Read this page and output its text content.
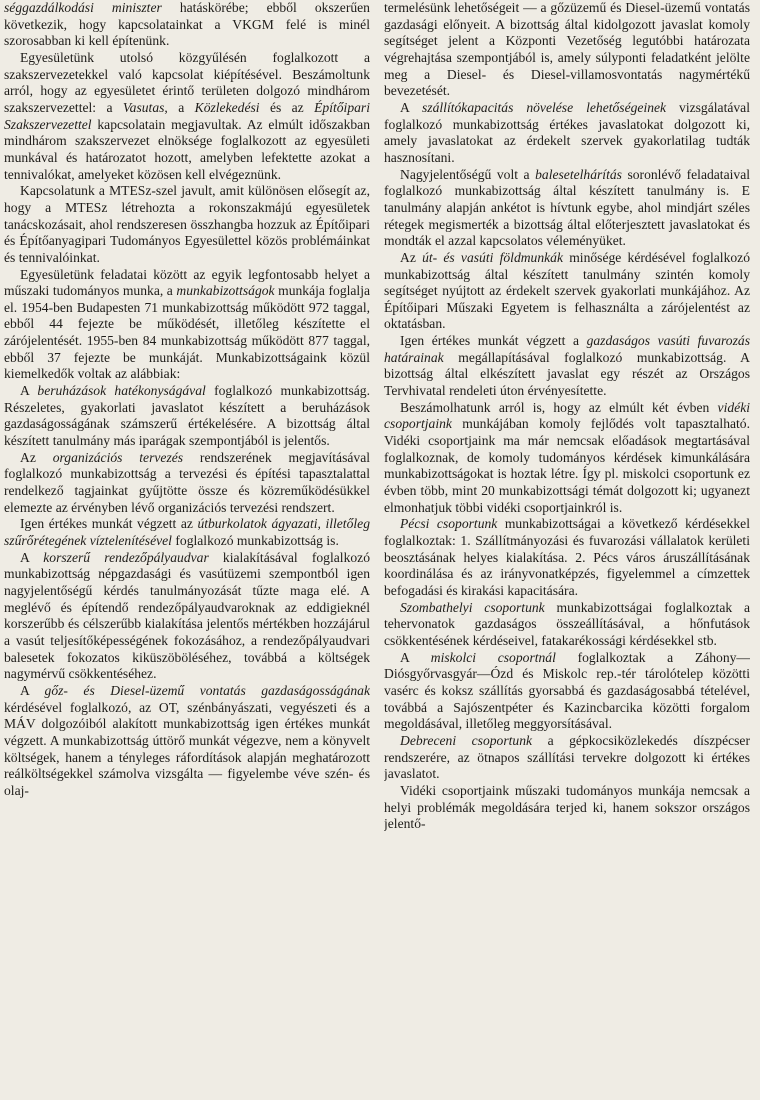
séggazdálkodási miniszter hatáskörébe; ebből okszerűen következik, hogy kapcsolatainkat a VKGM felé is minél szorosabban ki kell építenünk.

Egyesületünk utolsó közgyűlésén foglalkozott a szakszervezetekkel való kapcsolat kiépítésével. Beszámoltunk arról, hogy az egyesületet érintő területen dolgozó mindhárom szakszervezettel: a Vasutas, a Közlekedési és az Építőipari Szakszervezettel kapcsolatain megjavultak. Az elmúlt időszakban mindhárom szakszervezet elnöksége foglalkozott az egyesületi munkával és határozatot hozott, amelyben lefektette azokat a tennivalókat, amelyeket közösen kell elvégeznünk.

Kapcsolatunk a MTESz-szel javult, amit különösen elősegít az, hogy a MTESz létrehozta a rokonszakmájú egyesületek tanácskozásait, ahol rendszeresen összhangba hozzuk az Építőipari és Építőanyagipari Tudományos Egyesülettel közös problémáinkat és tennivalóinkat.

Egyesületünk feladatai között az egyik legfontosabb helyet a műszaki tudományos munka, a munkabizottságok munkája foglalja el. 1954-ben Budapesten 71 munkabizottság működött 972 taggal, ebből 44 fejezte be működését, illetőleg készítette el zárójelentését. 1955-ben 84 munkabizottság működött 877 taggal, ebből 37 fejezte be munkáját. Munkabizottságaink közül kiemelkedők voltak az alábbiak:

A beruházások hatékonyságával foglalkozó munkabizottság. Részeletes, gyakorlati javaslatot készített a beruházások gazdaságosságának számszerű értékelésére. A bizottság által készített tanulmány más iparágak szempontjából is jelentős.

Az organizációs tervezés rendszerének megjavításával foglalkozó munkabizottság a tervezési és építési tapasztalattal rendelkező tagjainkat gyűjtötte össze és közreműködésükkel elemezte az érvényben lévő organizációs tervezési rendszert.

Igen értékes munkát végzett az útburkolatok ágyazati, illetőleg szűrőrétegének víztelenítésével foglalkozó munkabizottság is.

A korszerű rendezőpályaudvar kialakításával foglalkozó munkabizottság népgazdasági és vasútüzemi szempontból igen nagyjelentőségű kérdés tanulmányozását tűzte maga elé. A meglévő és építendő rendezőpályaudvaroknak az eddigieknél korszerűbb és célszerűbb kialakítása jelentős mértékben hozzájárul a vasút teljesítőképességének fokozásához, a rendezőpályaudvari balesetek fokozatos kiküszöböléséhez, továbbá a költségek nagymérvű csökkentéséhez.

A gőz- és Diesel-üzemű vontatás gazdaságosságának kérdésével foglalkozó, az OT, szénbányászati, vegyészeti és a MÁV dolgozóiból alakított munkabizottság igen értékes munkát végzett. A munkabizottság úttörő munkát végezve, nem a könyvelt költségek, hanem a tényleges ráfordítások alapján meghatározott reálköltségekkel számolva vizsgálta — figyelembe véve szén- és olaj-

termelésünk lehetőségeit — a gőzüzemű és Diesel-üzemű vontatás gazdasági előnyeit. A bizottság által kidolgozott javaslat komoly segítséget jelent a Központi Vezetőség legutóbbi határozata végrehajtása szempontjából is, amely súlyponti feladatként jelölte meg a Diesel- és Diesel-villamosvontatás nagymértékű bevezetését.

A szállítókapacitás növelése lehetőségeinek vizsgálatával foglalkozó munkabizottság értékes javaslatokat dolgozott ki, amely javaslatokat az érdekelt szervek gyakorlatilag tudták hasznosítani.

Nagyjelentőségű volt a balesetelhárítás soronlévő feladataival foglalkozó munkabizottság által készített tanulmány is. E tanulmány alapján ankétot is hívtunk egybe, ahol mindjárt széles rétegek megismerték a bizottság által előterjesztett javaslatokat és mondták el azzal kapcsolatos véleményüket.

Az út- és vasúti földmunkák minősége kérdésével foglalkozó munkabizottság által készített tanulmány szintén komoly segítséget nyújtott az érdekelt szervek gyakorlati munkájához. Az Építőipari Műszaki Egyetem is felhasználta a zárójelentést az oktatásban.

Igen értékes munkát végzett a gazdaságos vasúti fuvarozás határainak megállapításával foglalkozó munkabizottság. A bizottság által elkészített javaslat egy részét az Országos Tervhivatal rendeleti úton érvényesítette.

Beszámolhatunk arról is, hogy az elmúlt két évben vidéki csoportjaink munkájában komoly fejlődés volt tapasztalható. Vidéki csoportjaink ma már nemcsak előadások megtartásával foglalkoznak, de komoly tudományos kérdések kimunkálására munkabizottságokat is hoztak létre. Így pl. miskolci csoportunk ez évben több, mint 20 munkabizottsági témát dolgozott ki; ugyanezt elmonhatjuk többi vidéki csoportjainkról is.

Pécsi csoportunk munkabizottságai a következő kérdésekkel foglalkoztak: 1. Szállítmányozási és fuvarozási vállalatok kerületi beosztásának helyes kialakítása. 2. Pécs város áruszállításának koordinálása és az irányvonatképzés, figyelemmel a címzettek befogadási és kirakási kapacitására.

Szombathelyi csoportunk munkabizottságai foglalkoztak a tehervonatok gazdaságos összeállításával, a hőnfutások csökkentésének kérdéseivel, fatakarékossági kérdésekkel stb.

A miskolci csoportnál foglalkoztak a Záhony—Diósgyőrvasgyár—Ózd és Miskolc rep.-tér tárolótelep közötti vasérc és koksz szállítás gyorsabbá és gazdaságosabbá tételével, továbbá a Sajószentpéter és Kazincbarcika közötti forgalom megoldásával, illetőleg meggyorsításával.

Debreceni csoportunk a gépkocsiközlekedés díszpécser rendszerére, az ötnapos szállítási tervekre dolgozott ki értékes javaslatot.

Vidéki csoportjaink műszaki tudományos munkája nemcsak a helyi problémák megoldására terjed ki, hanem sokszor országos jelentő-
